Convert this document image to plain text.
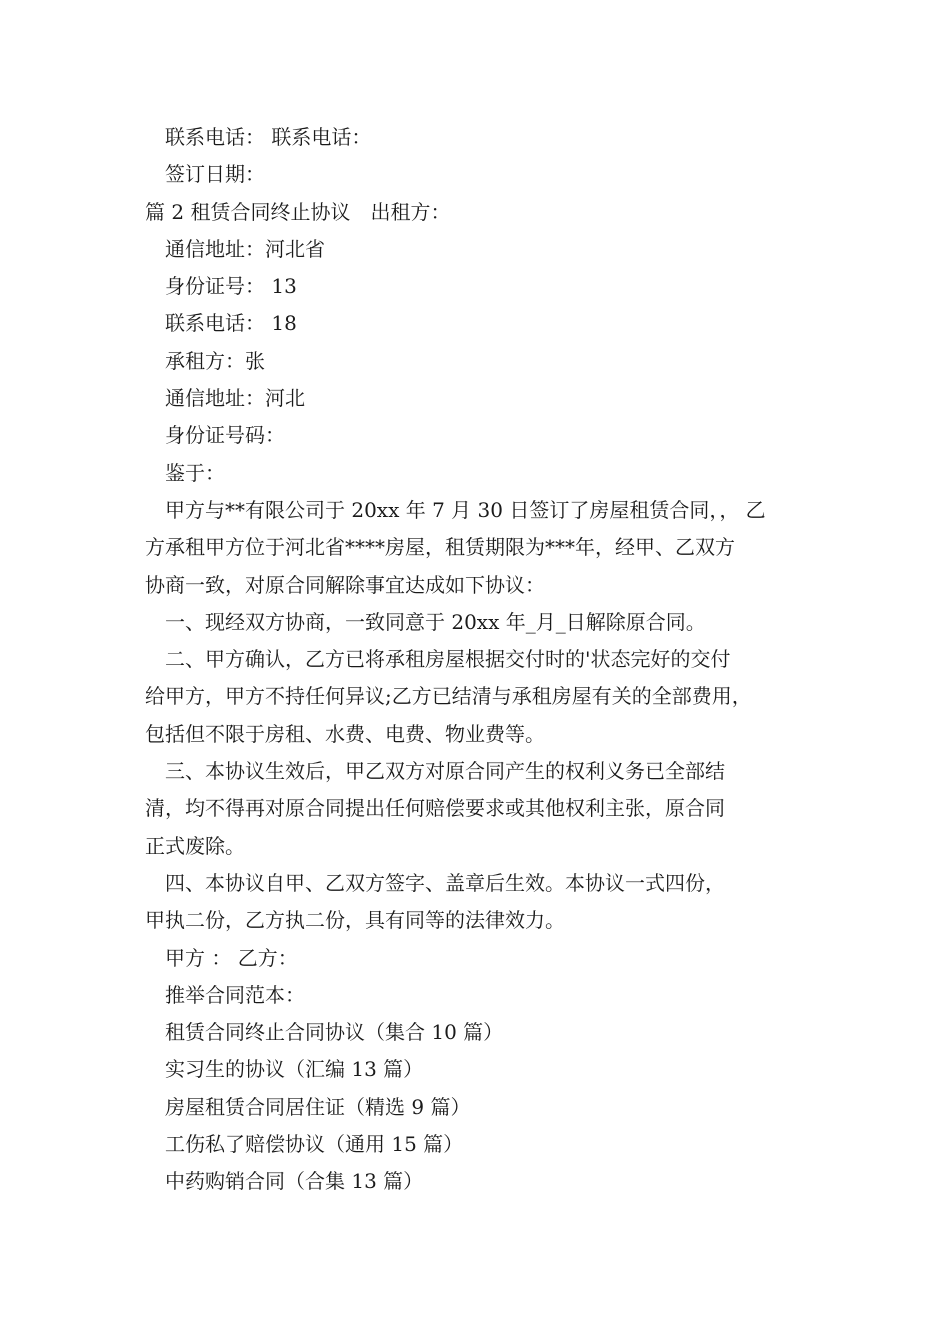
联系电话： 联系电话：
签订日期：
篇 2 租赁合同终止协议　出租方：
通信地址：河北省
身份证号： 13
联系电话： 18
承租方：张
通信地址：河北
身份证号码：
鉴于：
甲方与**有限公司于 20xx 年 7 月 30 日签订了房屋租赁合同，， 乙
方承租甲方位于河北省****房屋，租赁期限为***年，经甲、乙双方
协商一致，对原合同解除事宜达成如下协议：
一、现经双方协商，一致同意于 20xx 年_月_日解除原合同。
二、甲方确认，乙方已将承租房屋根据交付时的'状态完好的交付
给甲方，甲方不持任何异议;乙方已结清与承租房屋有关的全部费用，
包括但不限于房租、水费、电费、物业费等。
三、本协议生效后，甲乙双方对原合同产生的权利义务已全部结
清，均不得再对原合同提出任何赔偿要求或其他权利主张，原合同
正式废除。
四、本协议自甲、乙双方签字、盖章后生效。本协议一式四份，
甲执二份，乙方执二份，具有同等的法律效力。
甲方 ： 乙方：
推举合同范本：
租赁合同终止合同协议（集合 10 篇）
实习生的协议（汇编 13 篇）
房屋租赁合同居住证（精选 9 篇）
工伤私了赔偿协议（通用 15 篇）
中药购销合同（合集 13 篇）
